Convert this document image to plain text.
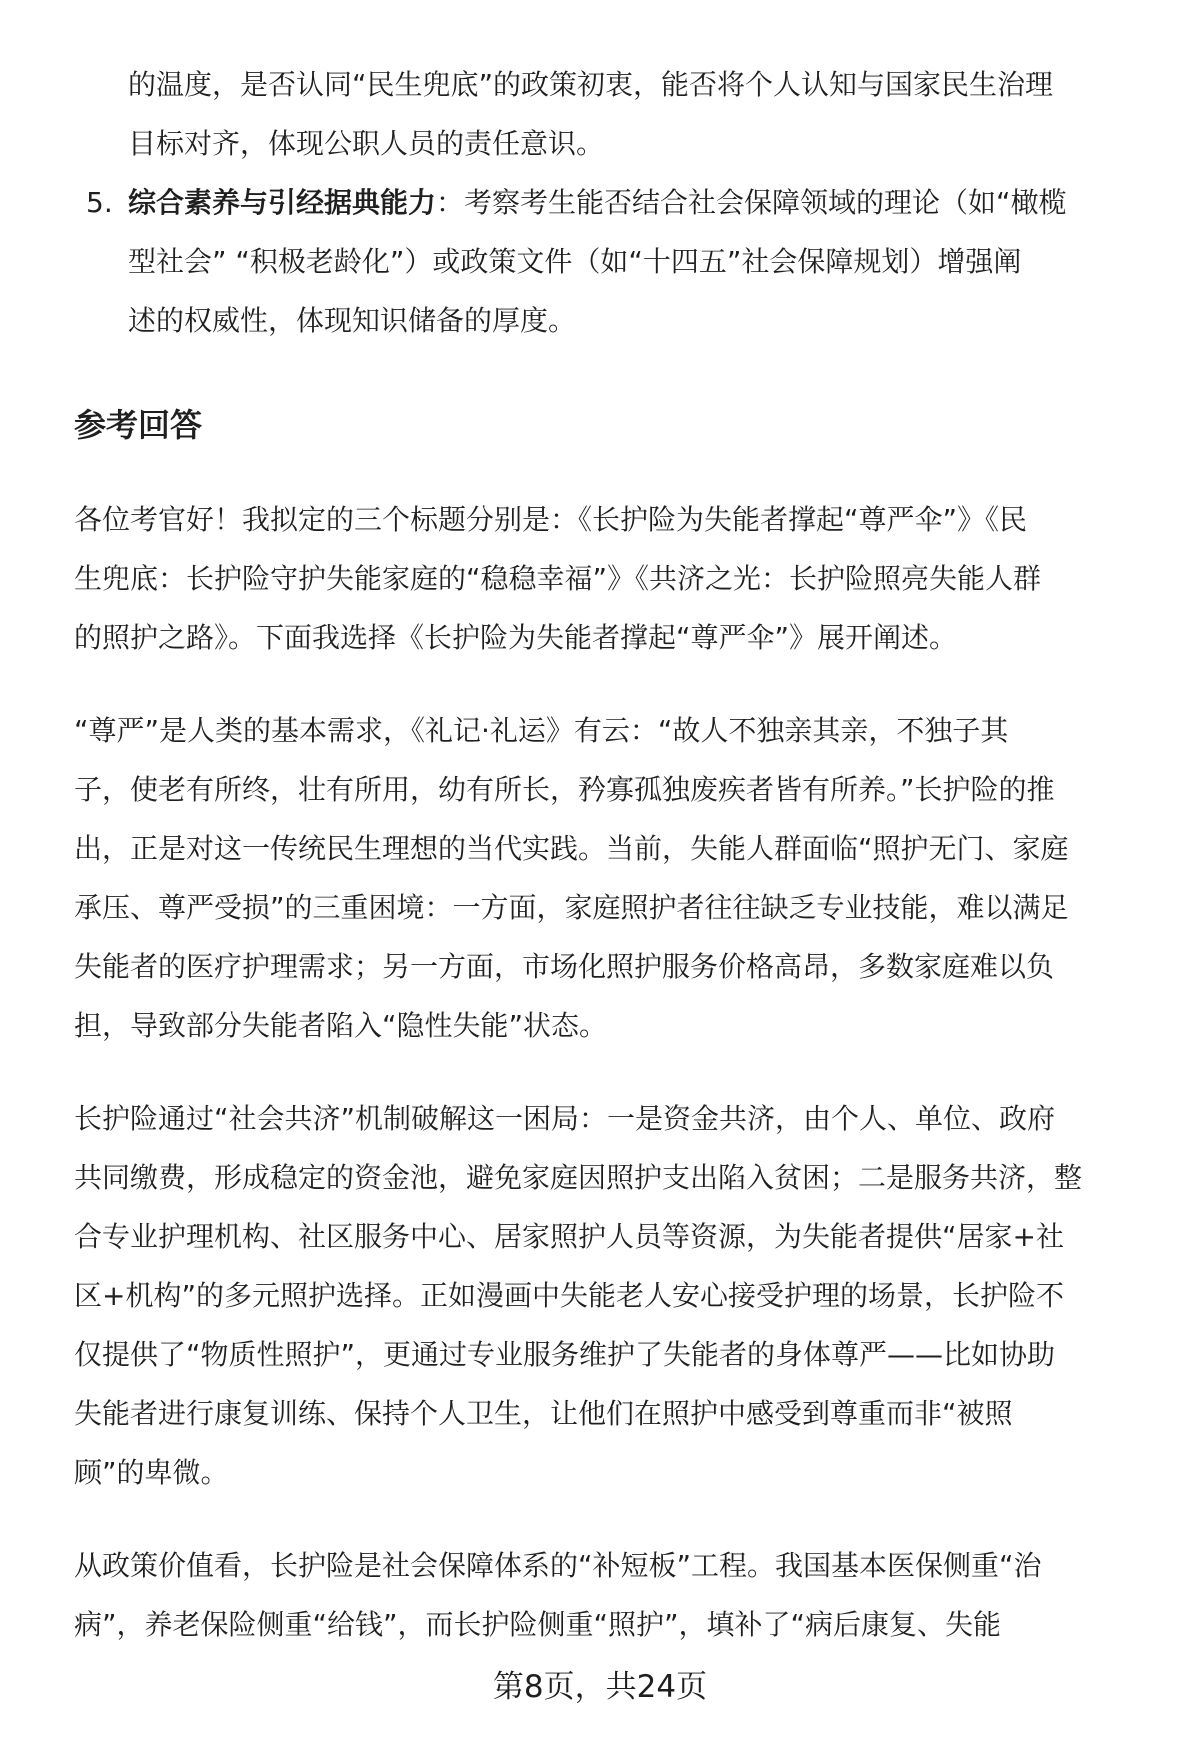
的温度，是否认同“民生兜底”的政策初衷，能否将个人认知与国家民生治理
目标对齐，体现公职人员的责任意识。
5. 综合素养与引经据典能力：考察考生能否结合社会保障领域的理论（如“橄榄
型社会” “积极老龄化”）或政策文件（如“十四五”社会保障规划）增强阐
述的权威性，体现知识储备的厚度。
参考回答
各位考官好！我拟定的三个标题分别是：《长护险为失能者撑起“尊严伞”》《民
生兜底：长护险守护失能家庭的“稳稳幸福”》《共济之光：长护险照亮失能人群
的照护之路》。下面我选择《长护险为失能者撑起“尊严伞”》展开阐述。
“尊严”是人类的基本需求，《礼记·礼运》有云：“故人不独亲其亲，不独子其
子，使老有所终，壮有所用，幼有所长，矜寡孤独废疾者皆有所养。”长护险的推
出，正是对这一传统民生理想的当代实践。当前，失能人群面临“照护无门、家庭
承压、尊严受损”的三重困境：一方面，家庭照护者往往缺乏专业技能，难以满足
失能者的医疗护理需求；另一方面，市场化照护服务价格高昂，多数家庭难以负
担，导致部分失能者陷入“隐性失能”状态。
长护险通过“社会共济”机制破解这一困局：一是资金共济，由个人、单位、政府
共同缴费，形成稳定的资金池，避免家庭因照护支出陷入贫困；二是服务共济，整
合专业护理机构、社区服务中心、居家照护人员等资源，为失能者提供“居家+社
区+机构”的多元照护选择。正如漫画中失能老人安心接受护理的场景，长护险不
仅提供了“物质性照护”，更通过专业服务维护了失能者的身体尊严——比如协助
失能者进行康复训练、保持个人卫生，让他们在照护中感受到尊重而非“被照
顾”的卑微。
从政策价值看，长护险是社会保障体系的“补短板”工程。我国基本医保侧重“治
病”，养老保险侧重“给钱”，而长护险侧重“照护”，填补了“病后康复、失能
第8页，共24页
